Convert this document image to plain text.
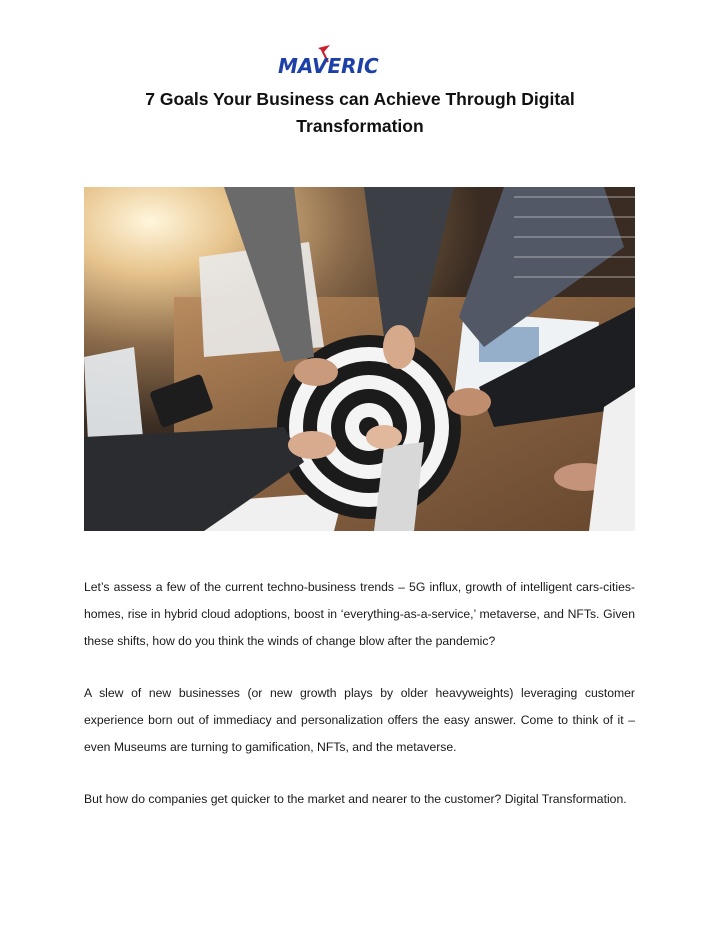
MAVERIC
7 Goals Your Business can Achieve Through Digital Transformation
Let’s assess a few of the current techno-business trends – 5G influx, growth of intelligent cars-cities-homes, rise in hybrid cloud adoptions, boost in ‘everything-as-a-service,’ metaverse, and NFTs. Given these shifts, how do you think the winds of change blow after the pandemic?
A slew of new businesses (or new growth plays by older heavyweights) leveraging customer experience born out of immediacy and personalization offers the easy answer. Come to think of it – even Museums are turning to gamification, NFTs, and the metaverse.
But how do companies get quicker to the market and nearer to the customer? Digital Transformation.
